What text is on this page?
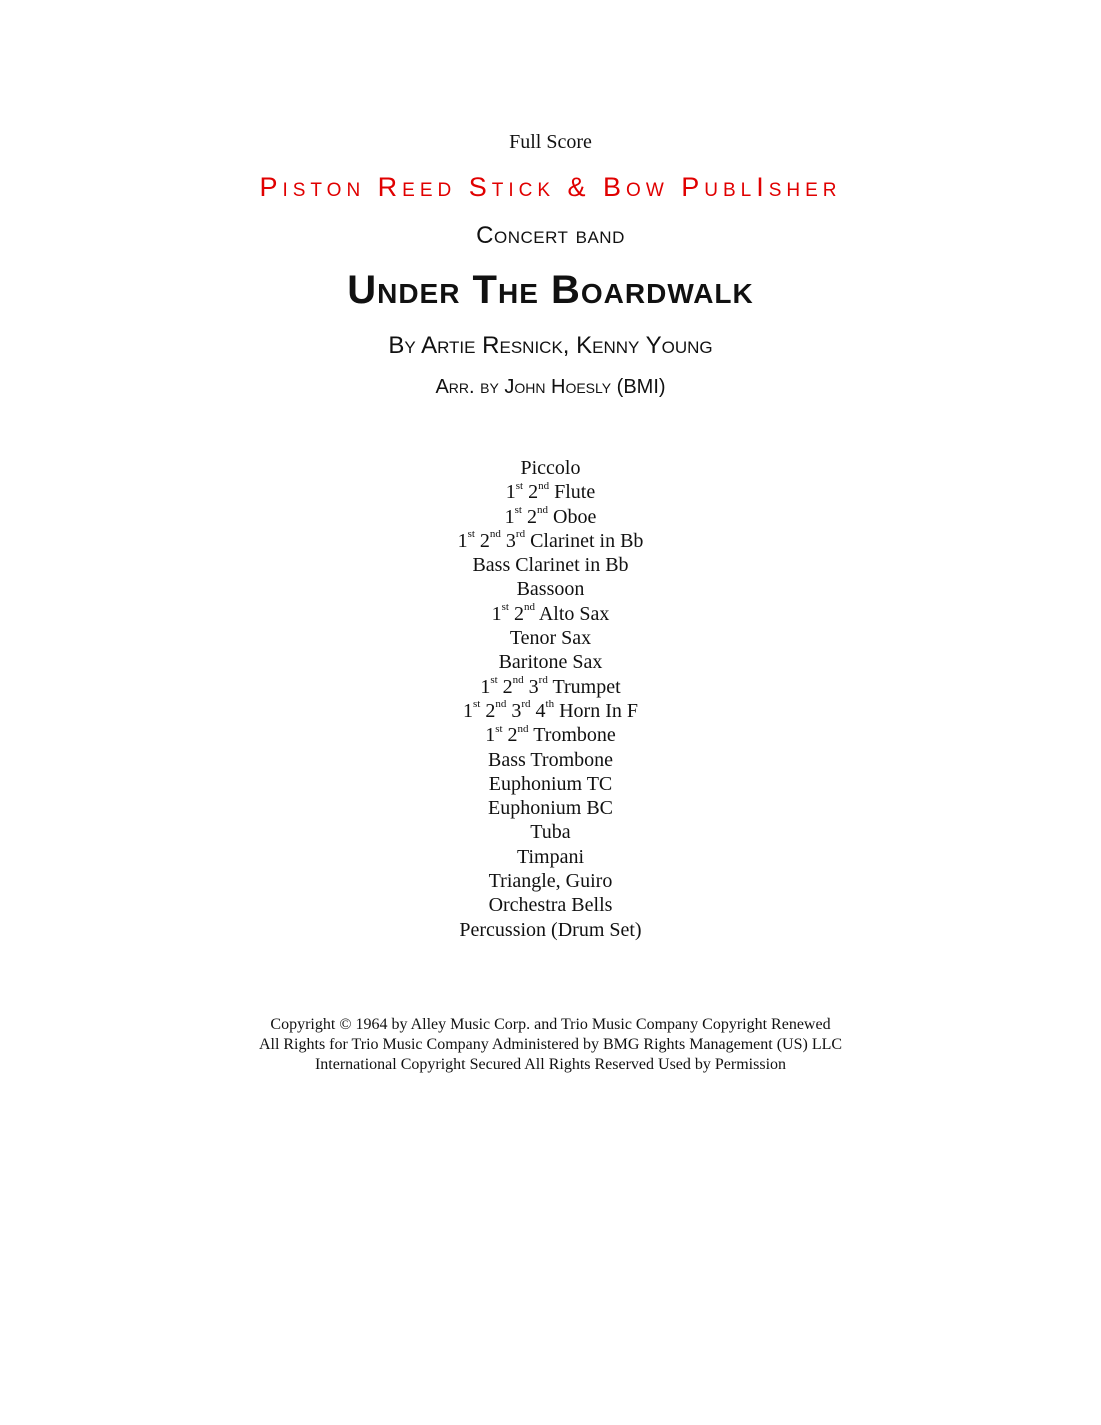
Full Score
Piston Reed Stick & Bow PublIsher
Concert band
Under The Boardwalk
By Artie Resnick, Kenny Young
Arr. by John Hoesly (BMI)
Piccolo
1st 2nd Flute
1st 2nd Oboe
1st 2nd 3rd Clarinet in Bb
Bass Clarinet in Bb
Bassoon
1st 2nd Alto Sax
Tenor Sax
Baritone Sax
1st 2nd 3rd Trumpet
1st 2nd 3rd 4th Horn In F
1st 2nd Trombone
Bass Trombone
Euphonium TC
Euphonium BC
Tuba
Timpani
Triangle, Guiro
Orchestra Bells
Percussion (Drum Set)
Copyright © 1964 by Alley Music Corp. and Trio Music Company Copyright Renewed
All Rights for Trio Music Company Administered by BMG Rights Management (US) LLC
International Copyright Secured All Rights Reserved Used by Permission
